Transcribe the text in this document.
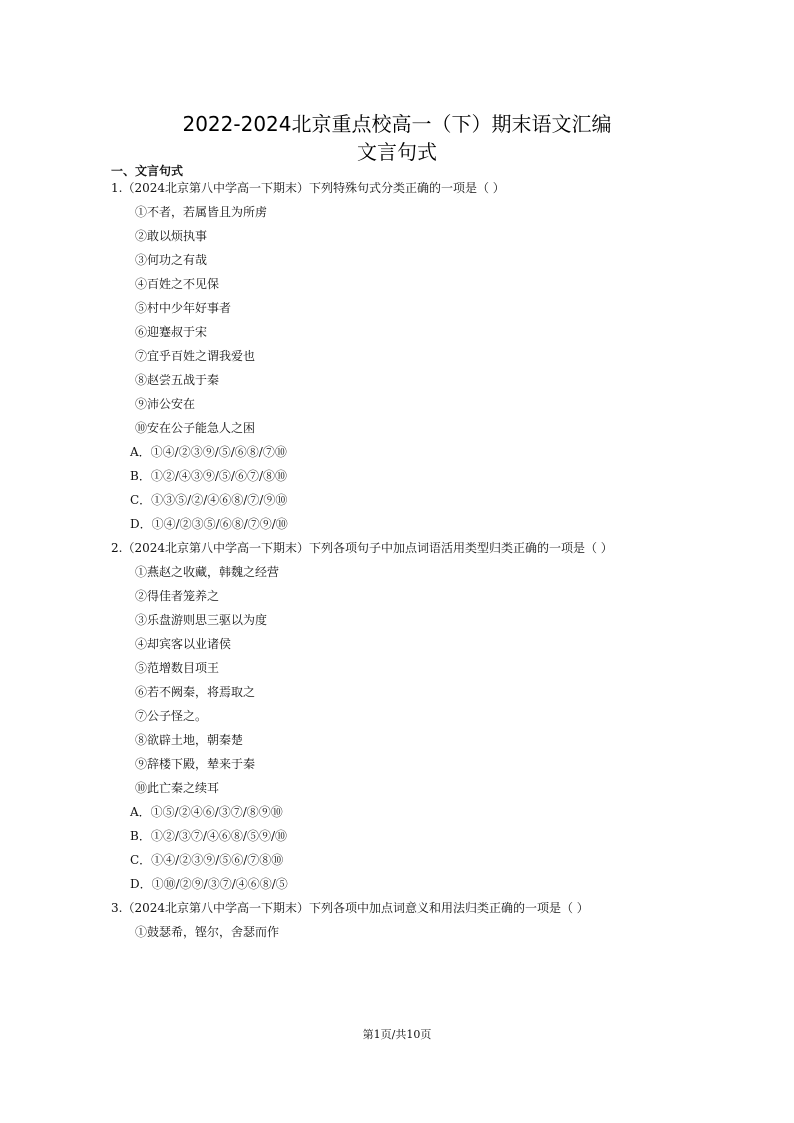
2022-2024北京重点校高一（下）期末语文汇编
文言句式
一、文言句式
1.（2024北京第八中学高一下期末）下列特殊句式分类正确的一项是（ ）
①不者，若属皆且为所虏
②敢以烦执事
③何功之有哉
④百姓之不见保
⑤村中少年好事者
⑥迎蹇叔于宋
⑦宜乎百姓之谓我爱也
⑧赵尝五战于秦
⑨沛公安在
⑩安在公子能急人之困
A．①④/②③⑨/⑤/⑥⑧/⑦⑩
B．①②/④③⑨/⑤/⑥⑦/⑧⑩
C．①③⑤/②/④⑥⑧/⑦/⑨⑩
D．①④/②③⑤/⑥⑧/⑦⑨/⑩
2.（2024北京第八中学高一下期末）下列各项句子中加点词语活用类型归类正确的一项是（ ）
①燕赵之收藏，韩魏之经营
②得佳者笼养之
③乐盘游则思三驱以为度
④却宾客以业诸侯
⑤范增数目项王
⑥若不阙秦，将焉取之
⑦公子怪之。
⑧欲辟土地，朝秦楚
⑨辞楼下殿，辇来于秦
⑩此亡秦之续耳
A．①⑤/②④⑥/③⑦/⑧⑨⑩
B．①②/③⑦/④⑥⑧/⑤⑨/⑩
C．①④/②③⑨/⑤⑥/⑦⑧⑩
D．①⑩/②⑨/③⑦/④⑥⑧/⑤
3.（2024北京第八中学高一下期末）下列各项中加点词意义和用法归类正确的一项是（ ）
①鼓瑟希，铿尔，舍瑟而作
第1页/共10页
